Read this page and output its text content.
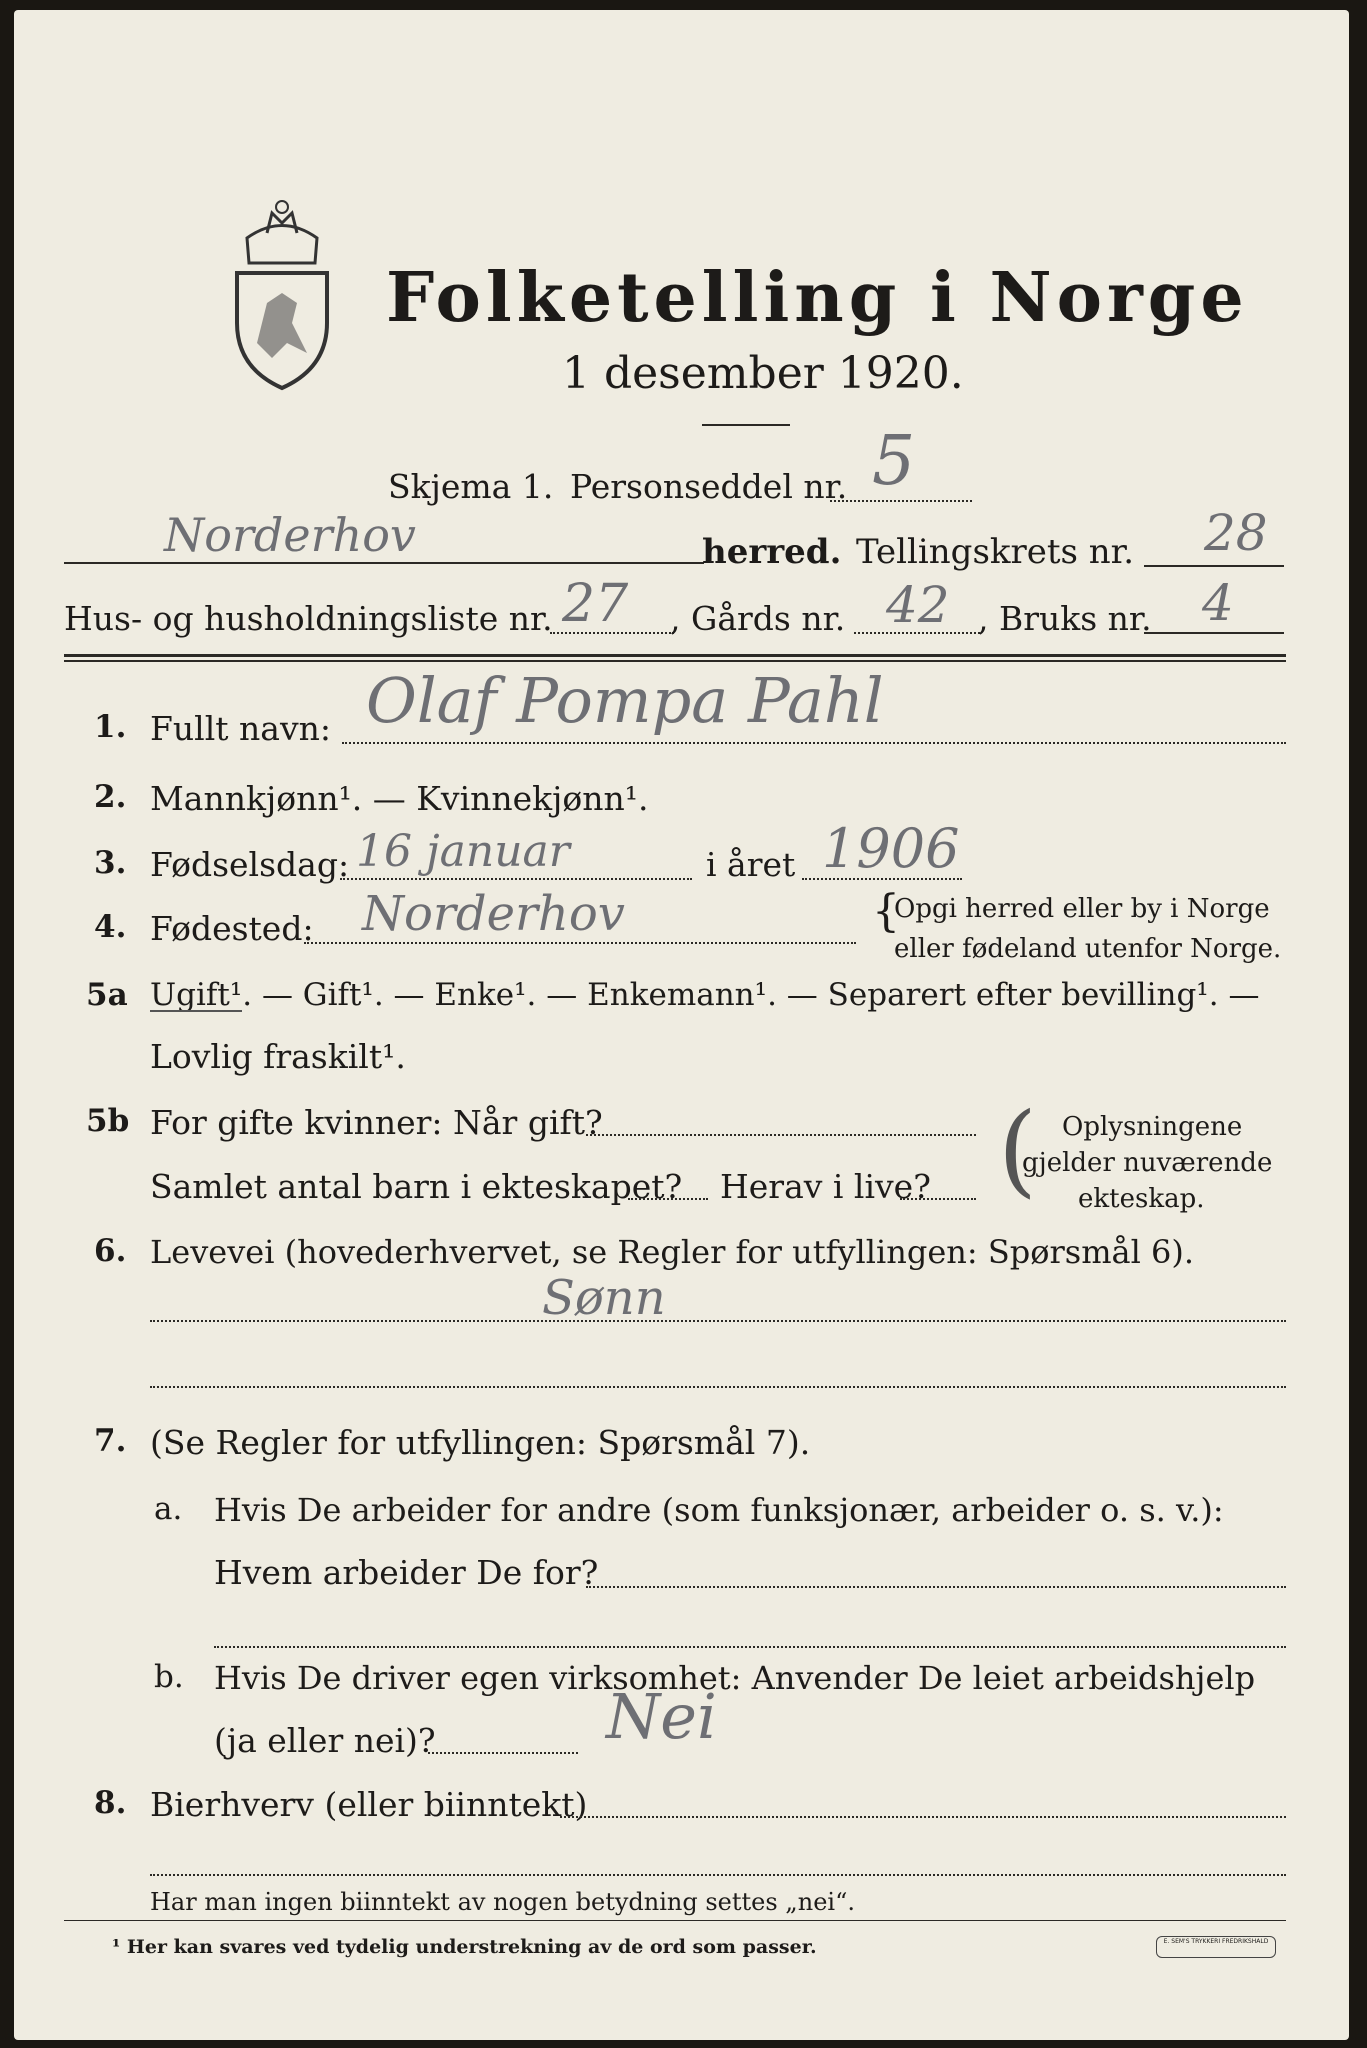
Folketelling i Norge
1 desember 1920.
Skjema 1. Personseddel nr. 5
Norderhov	herred. Tellingskrets nr. 28
Hus- og husholdningsliste nr. 27 , Gårds nr. 42 , Bruks nr. 4
1. Fullt navn: Olaf Pompa Pahl
2. Mannkjønn¹. — Kvinnekjønn¹.
3. Fødselsdag: 16 januar	i året 1906
4. Fødested: Norderhov	{
Opgi herred eller by i Norge
eller fødeland utenfor Norge.
5a Ugift¹. — Gift¹. — Enke¹. — Enkemann¹. — Separert efter bevilling¹. —
Lovlig fraskilt¹.
5b For gifte kvinner: Når gift?
Samlet antal barn i ekteskapet? Herav i live? ( Oplysningene
gjelder nuværende
ekteskap.
6. Levevei (hovederhvervet, se Regler for utfyllingen: Spørsmål 6).
Sønn
7. (Se Regler for utfyllingen: Spørsmål 7).
a. Hvis De arbeider for andre (som funksjonær, arbeider o. s. v.):
Hvem arbeider De for?
b. Hvis De driver egen virksomhet: Anvender De leiet arbeidshjelp
(ja eller nei)?	Nei
8. Bierhverv (eller biinntekt)
Har man ingen biinntekt av nogen betydning settes „nei“.
¹ Her kan svares ved tydelig understrekning av de ord som passer.	E. SEM'S TRYKKERI FREDRIKSHALD
